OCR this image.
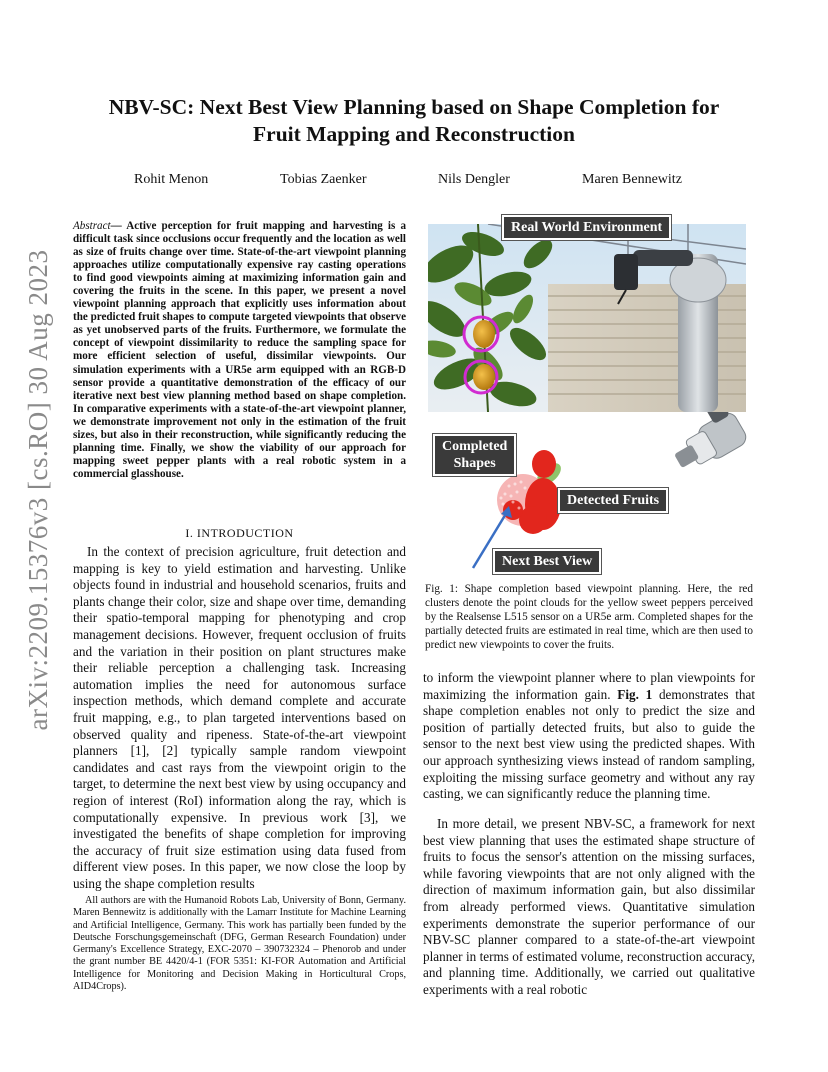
arXiv:2209.15376v3 [cs.RO] 30 Aug 2023
NBV-SC: Next Best View Planning based on Shape Completion for Fruit Mapping and Reconstruction
Rohit Menon	Tobias Zaenker	Nils Dengler	Maren Bennewitz
Abstract— Active perception for fruit mapping and harvesting is a difficult task since occlusions occur frequently and the location as well as size of fruits change over time. State-of-the-art viewpoint planning approaches utilize computationally expensive ray casting operations to find good viewpoints aiming at maximizing information gain and covering the fruits in the scene. In this paper, we present a novel viewpoint planning approach that explicitly uses information about the predicted fruit shapes to compute targeted viewpoints that observe as yet unobserved parts of the fruits. Furthermore, we formulate the concept of viewpoint dissimilarity to reduce the sampling space for more efficient selection of useful, dissimilar viewpoints. Our simulation experiments with a UR5e arm equipped with an RGB-D sensor provide a quantitative demonstration of the efficacy of our iterative next best view planning method based on shape completion. In comparative experiments with a state-of-the-art viewpoint planner, we demonstrate improvement not only in the estimation of the fruit sizes, but also in their reconstruction, while significantly reducing the planning time. Finally, we show the viability of our approach for mapping sweet pepper plants with a real robotic system in a commercial glasshouse.
I. INTRODUCTION

In the context of precision agriculture, fruit detection and mapping is key to yield estimation and harvesting. Unlike objects found in industrial and household scenarios, fruits and plants change their color, size and shape over time, demanding their spatio-temporal mapping for phenotyping and crop management decisions. However, frequent occlusion of fruits and the variation in their position on plant structures make their reliable perception a challenging task. Increasing automation implies the need for autonomous surface inspection methods, which demand complete and accurate fruit mapping, e.g., to plan targeted interventions based on observed quality and ripeness. State-of-the-art viewpoint planners [1], [2] typically sample random viewpoint candidates and cast rays from the viewpoint origin to the target, to determine the next best view by using occupancy and region of interest (RoI) information along the ray, which is computationally expensive. In previous work [3], we investigated the benefits of shape completion for improving the accuracy of fruit size estimation using data fused from different view poses. In this paper, we now close the loop by using the shape completion results

All authors are with the Humanoid Robots Lab, University of Bonn, Germany. Maren Bennewitz is additionally with the Lamarr Institute for Machine Learning and Artificial Intelligence, Germany. This work has partially been funded by the Deutsche Forschungsgemeinschaft (DFG, German Research Foundation) under Germany's Excellence Strategy, EXC-2070 – 390732324 – Phenorob and under the grant number BE 4420/4-1 (FOR 5351: KI-FOR Automation and Artificial Intelligence for Monitoring and Decision Making in Horticultural Crops, AID4Crops).

Real World Environment
Completed
Shapes
Detected Fruits
Next Best View
Fig. 1: Shape completion based viewpoint planning. Here, the red clusters denote the point clouds for the yellow sweet peppers perceived by the Realsense L515 sensor on a UR5e arm. Completed shapes for the partially detected fruits are estimated in real time, which are then used to predict new viewpoints to cover the fruits.

to inform the viewpoint planner where to plan viewpoints for maximizing the information gain. Fig. 1 demonstrates that shape completion enables not only to predict the size and position of partially detected fruits, but also to guide the sensor to the next best view using the predicted shapes. With our approach synthesizing views instead of random sampling, exploiting the missing surface geometry and without any ray casting, we can significantly reduce the planning time.

In more detail, we present NBV-SC, a framework for next best view planning that uses the estimated shape structure of fruits to focus the sensor's attention on the missing surfaces, while favoring viewpoints that are not only aligned with the direction of maximum information gain, but also dissimilar from already performed views. Quantitative simulation experiments demonstrate the superior performance of our NBV-SC planner compared to a state-of-the-art viewpoint planner in terms of estimated volume, reconstruction accuracy, and planning time. Additionally, we carried out qualitative experiments with a real robotic
